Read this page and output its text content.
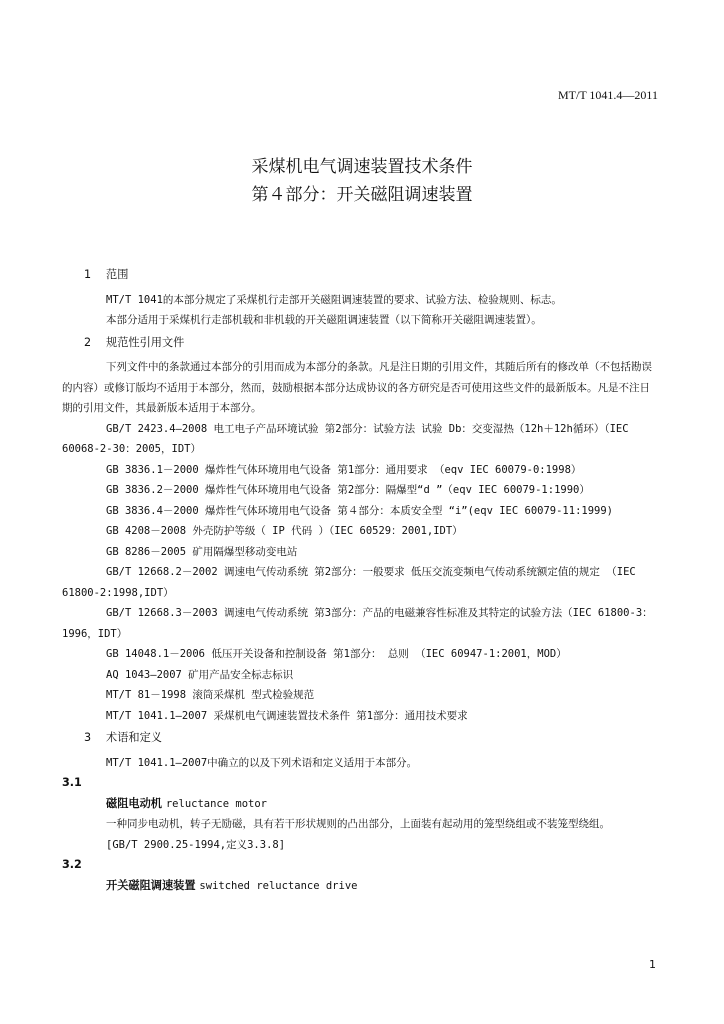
MT/T 1041.4—2011
采煤机电气调速装置技术条件
第４部分：开关磁阻调速装置
1 范围
MT/T 1041的本部分规定了采煤机行走部开关磁阻调速装置的要求、试验方法、检验规则、标志。
本部分适用于采煤机行走部机载和非机载的开关磁阻调速装置（以下简称开关磁阻调速装置）。
2 规范性引用文件
下列文件中的条款通过本部分的引用而成为本部分的条款。凡是注日期的引用文件，其随后所有的修改单（不包括勘误的内容）或修订版均不适用于本部分，然而，鼓励根据本部分达成协议的各方研究是否可使用这些文件的最新版本。凡是不注日期的引用文件，其最新版本适用于本部分。
GB/T 2423.4—2008 电工电子产品环境试验 第2部分：试验方法 试验 Db：交变湿热（12h＋12h循环）（IEC 60068-2-30：2005，IDT）
GB 3836.1－2000 爆炸性气体环境用电气设备 第1部分：通用要求 （eqv IEC 60079-0:1998）
GB 3836.2－2000 爆炸性气体环境用电气设备 第2部分：隔爆型“d ”（eqv IEC 60079-1:1990）
GB 3836.4－2000 爆炸性气体环境用电气设备 第４部分：本质安全型 “i”(eqv IEC 60079-11:1999)
GB 4208－2008 外壳防护等级（ IP 代码 ）（IEC 60529：2001,IDT）
GB 8286－2005 矿用隔爆型移动变电站
GB/T 12668.2－2002 调速电气传动系统 第2部分：一般要求 低压交流变频电气传动系统额定值的规定 （IEC 61800-2:1998,IDT）
GB/T 12668.3－2003 调速电气传动系统 第3部分：产品的电磁兼容性标准及其特定的试验方法（IEC 61800-3：1996，IDT）
GB 14048.1－2006 低压开关设备和控制设备 第1部分： 总则 （IEC 60947-1:2001，MOD）
AQ 1043—2007 矿用产品安全标志标识
MT/T 81－1998 滚筒采煤机 型式检验规范
MT/T 1041.1—2007 采煤机电气调速装置技术条件 第1部分：通用技术要求
3 术语和定义
MT/T 1041.1—2007中确立的以及下列术语和定义适用于本部分。
3.1
磁阻电动机 reluctance motor
一种同步电动机，转子无励磁，具有若干形状规则的凸出部分，上面装有起动用的笼型绕组或不装笼型绕组。
[GB/T 2900.25-1994,定义3.3.8]
3.2
开关磁阻调速装置 switched reluctance drive
1
